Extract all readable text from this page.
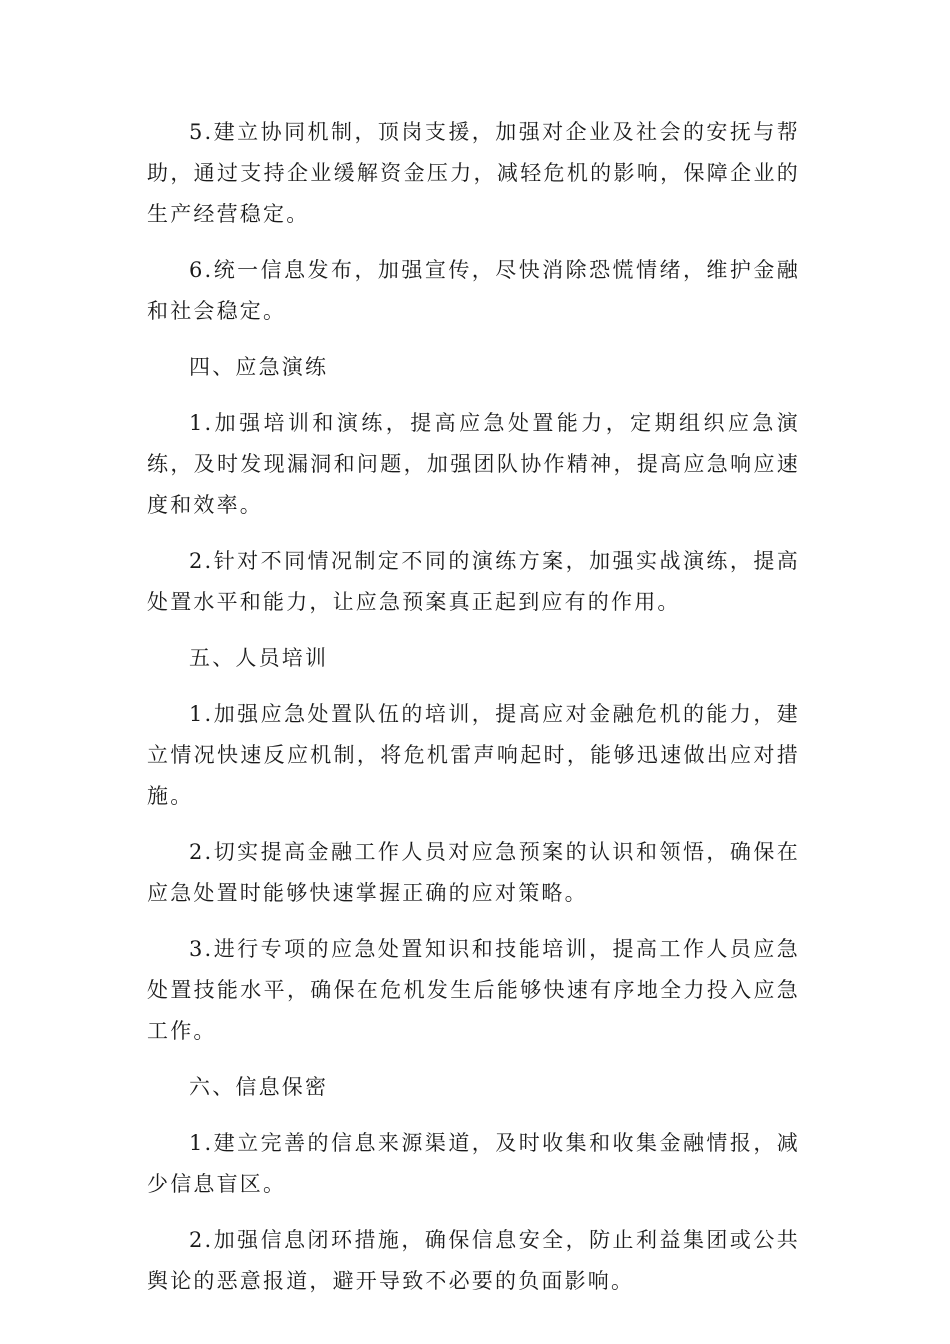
5.建立协同机制，顶岗支援，加强对企业及社会的安抚与帮助，通过支持企业缓解资金压力，减轻危机的影响，保障企业的生产经营稳定。

6.统一信息发布，加强宣传，尽快消除恐慌情绪，维护金融和社会稳定。

四、应急演练

1.加强培训和演练，提高应急处置能力，定期组织应急演练，及时发现漏洞和问题，加强团队协作精神，提高应急响应速度和效率。

2.针对不同情况制定不同的演练方案，加强实战演练，提高处置水平和能力，让应急预案真正起到应有的作用。

五、人员培训

1.加强应急处置队伍的培训，提高应对金融危机的能力，建立情况快速反应机制，将危机雷声响起时，能够迅速做出应对措施。

2.切实提高金融工作人员对应急预案的认识和领悟，确保在应急处置时能够快速掌握正确的应对策略。

3.进行专项的应急处置知识和技能培训，提高工作人员应急处置技能水平，确保在危机发生后能够快速有序地全力投入应急工作。

六、信息保密

1.建立完善的信息来源渠道，及时收集和收集金融情报，减少信息盲区。

2.加强信息闭环措施，确保信息安全，防止利益集团或公共舆论的恶意报道，避开导致不必要的负面影响。
